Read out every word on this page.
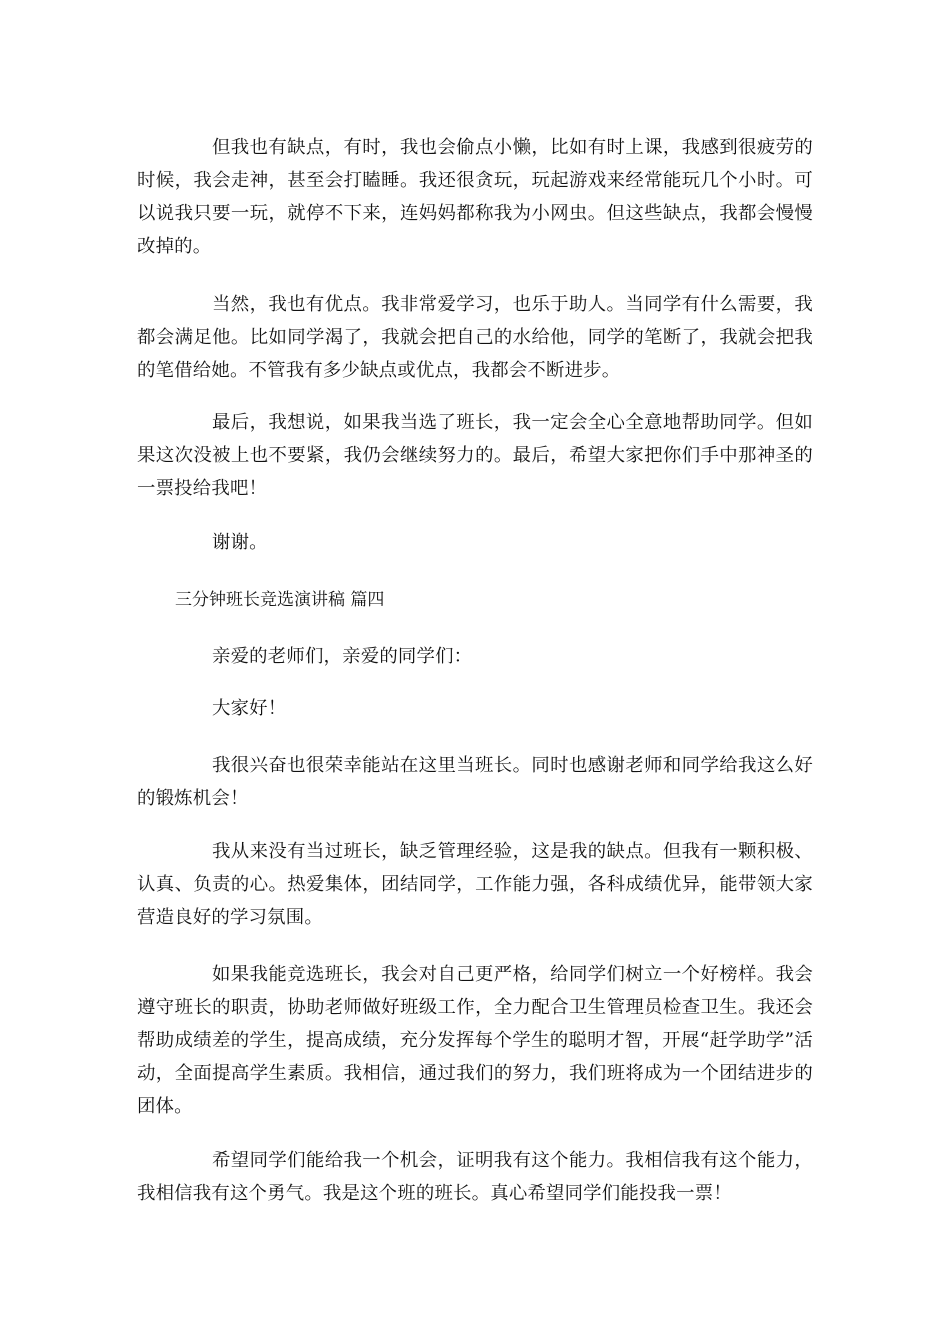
但我也有缺点，有时，我也会偷点小懒，比如有时上课，我感到很疲劳的时候，我会走神，甚至会打瞌睡。我还很贪玩，玩起游戏来经常能玩几个小时。可以说我只要一玩，就停不下来，连妈妈都称我为小网虫。但这些缺点，我都会慢慢改掉的。

当然，我也有优点。我非常爱学习，也乐于助人。当同学有什么需要，我都会满足他。比如同学渴了，我就会把自己的水给他，同学的笔断了，我就会把我的笔借给她。不管我有多少缺点或优点，我都会不断进步。

最后，我想说，如果我当选了班长，我一定会全心全意地帮助同学。但如果这次没被上也不要紧，我仍会继续努力的。最后，希望大家把你们手中那神圣的一票投给我吧！

谢谢。

三分钟班长竞选演讲稿 篇四

亲爱的老师们，亲爱的同学们：

大家好！

我很兴奋也很荣幸能站在这里当班长。同时也感谢老师和同学给我这么好的锻炼机会！

我从来没有当过班长，缺乏管理经验，这是我的缺点。但我有一颗积极、认真、负责的心。热爱集体，团结同学，工作能力强，各科成绩优异，能带领大家营造良好的学习氛围。

如果我能竞选班长，我会对自己更严格，给同学们树立一个好榜样。我会遵守班长的职责，协助老师做好班级工作，全力配合卫生管理员检查卫生。我还会帮助成绩差的学生，提高成绩，充分发挥每个学生的聪明才智，开展“赶学助学”活动，全面提高学生素质。我相信，通过我们的努力，我们班将成为一个团结进步的团体。

希望同学们能给我一个机会，证明我有这个能力。我相信我有这个能力，我相信我有这个勇气。我是这个班的班长。真心希望同学们能投我一票！
